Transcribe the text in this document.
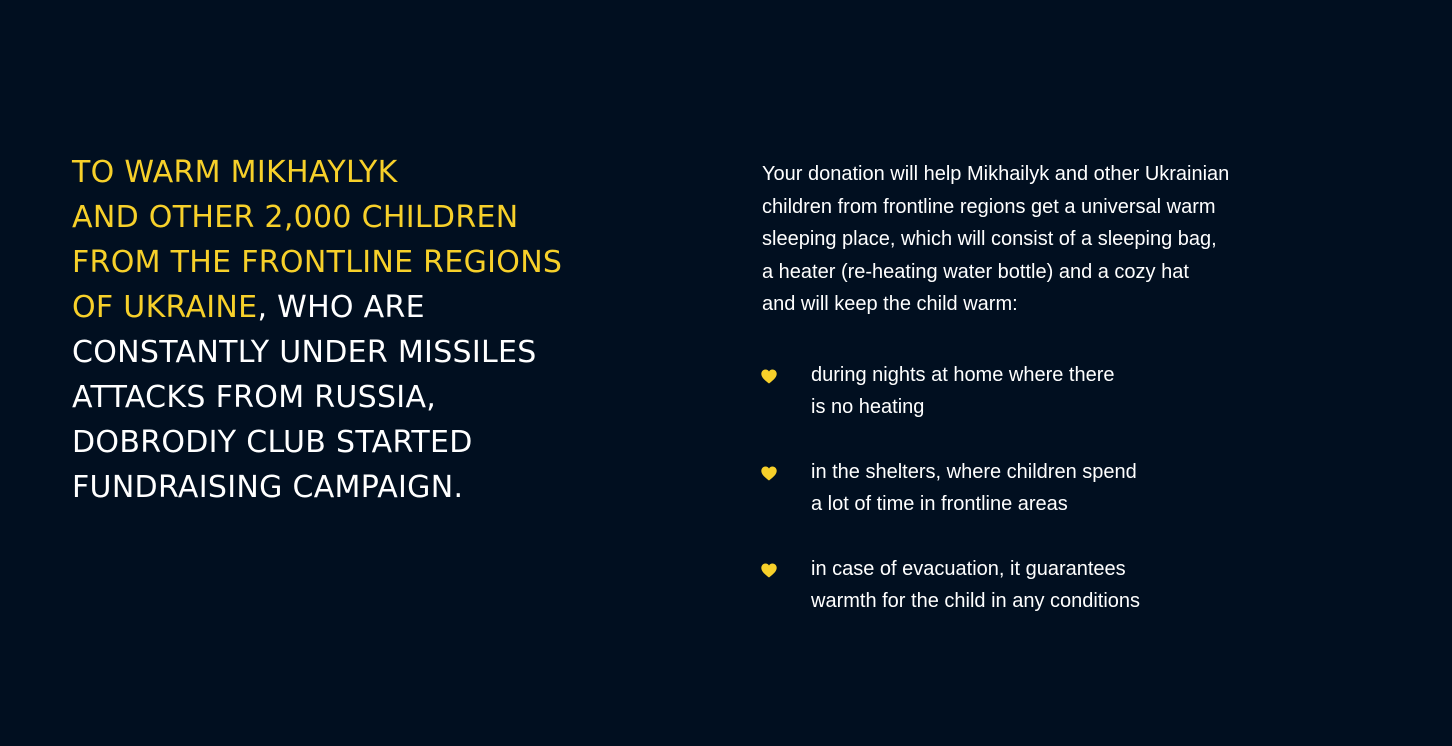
TO WARM MIKHAYLYK
AND OTHER 2,000 CHILDREN
FROM THE FRONTLINE REGIONS
OF UKRAINE, WHO ARE
CONSTANTLY UNDER MISSILES
ATTACKS FROM RUSSIA,
DOBRODIY CLUB STARTED
FUNDRAISING CAMPAIGN.

Your donation will help Mikhailyk and other Ukrainian
children from frontline regions get a universal warm
sleeping place, which will consist of a sleeping bag,
a heater (re-heating water bottle) and a cozy hat
and will keep the child warm:

during nights at home where there
is no heating
in the shelters, where children spend
a lot of time in frontline areas
in case of evacuation, it guarantees
warmth for the child in any conditions
